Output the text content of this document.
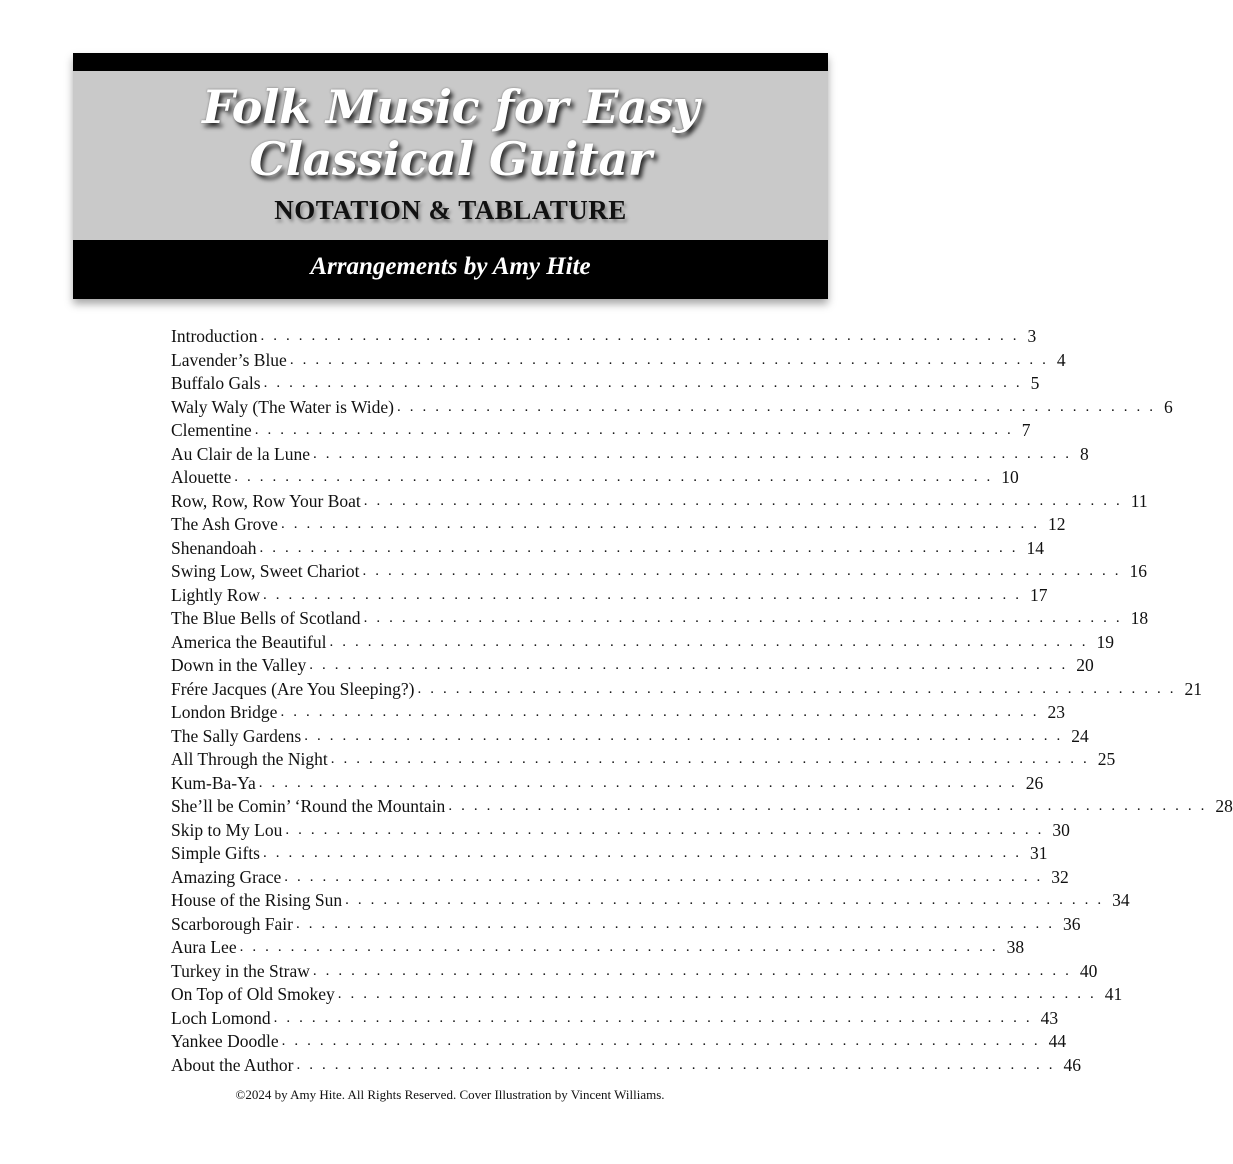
Folk Music for Easy
Classical Guitar
NOTATION & TABLATURE
Arrangements by Amy Hite
Introduction ............................................................ 3
Lavender’s Blue ............................................................ 4
Buffalo Gals ............................................................ 5
Waly Waly (The Water is Wide) ............................................................ 6
Clementine ............................................................ 7
Au Clair de la Lune ............................................................ 8
Alouette ............................................................ 10
Row, Row, Row Your Boat ............................................................ 11
The Ash Grove ............................................................ 12
Shenandoah ............................................................ 14
Swing Low, Sweet Chariot ............................................................ 16
Lightly Row ............................................................ 17
The Blue Bells of Scotland ............................................................ 18
America the Beautiful ............................................................ 19
Down in the Valley ............................................................ 20
Frére Jacques (Are You Sleeping?) ............................................................ 21
London Bridge ............................................................ 23
The Sally Gardens ............................................................ 24
All Through the Night ............................................................ 25
Kum-Ba-Ya ............................................................ 26
She’ll be Comin’ ‘Round the Mountain ............................................................ 28
Skip to My Lou ............................................................ 30
Simple Gifts ............................................................ 31
Amazing Grace ............................................................ 32
House of the Rising Sun ............................................................ 34
Scarborough Fair ............................................................ 36
Aura Lee ............................................................ 38
Turkey in the Straw ............................................................ 40
On Top of Old Smokey ............................................................ 41
Loch Lomond ............................................................ 43
Yankee Doodle ............................................................ 44
About the Author ............................................................ 46
©2024 by Amy Hite. All Rights Reserved. Cover Illustration by Vincent Williams.
